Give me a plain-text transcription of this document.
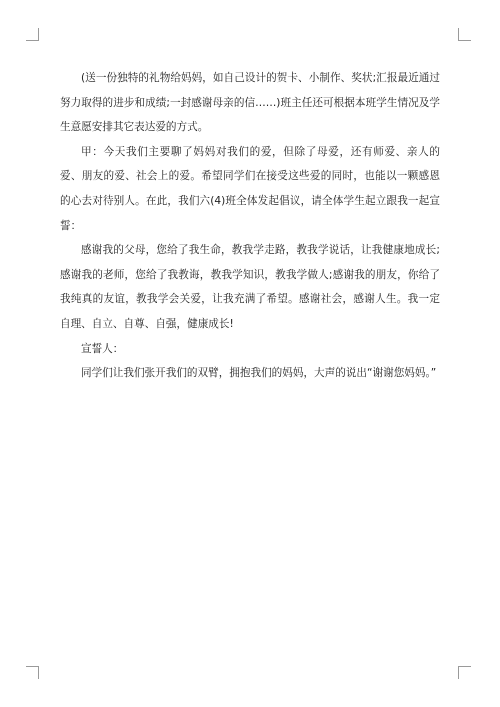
(送一份独特的礼物给妈妈，如自己设计的贺卡、小制作、奖状;汇报最近通过努力取得的进步和成绩;一封感谢母亲的信……)班主任还可根据本班学生情况及学生意愿安排其它表达爱的方式。

甲：今天我们主要聊了妈妈对我们的爱，但除了母爱，还有师爱、亲人的爱、朋友的爱、社会上的爱。希望同学们在接受这些爱的同时，也能以一颗感恩的心去对待别人。在此，我们六(4)班全体发起倡议，请全体学生起立跟我一起宣誓：

感谢我的父母，您给了我生命，教我学走路，教我学说话，让我健康地成长;感谢我的老师，您给了我教诲，教我学知识，教我学做人;感谢我的朋友，你给了我纯真的友谊，教我学会关爱，让我充满了希望。感谢社会，感谢人生。我一定自理、自立、自尊、自强，健康成长!

宣誓人：

同学们让我们张开我们的双臂，拥抱我们的妈妈，大声的说出“谢谢您妈妈。”
